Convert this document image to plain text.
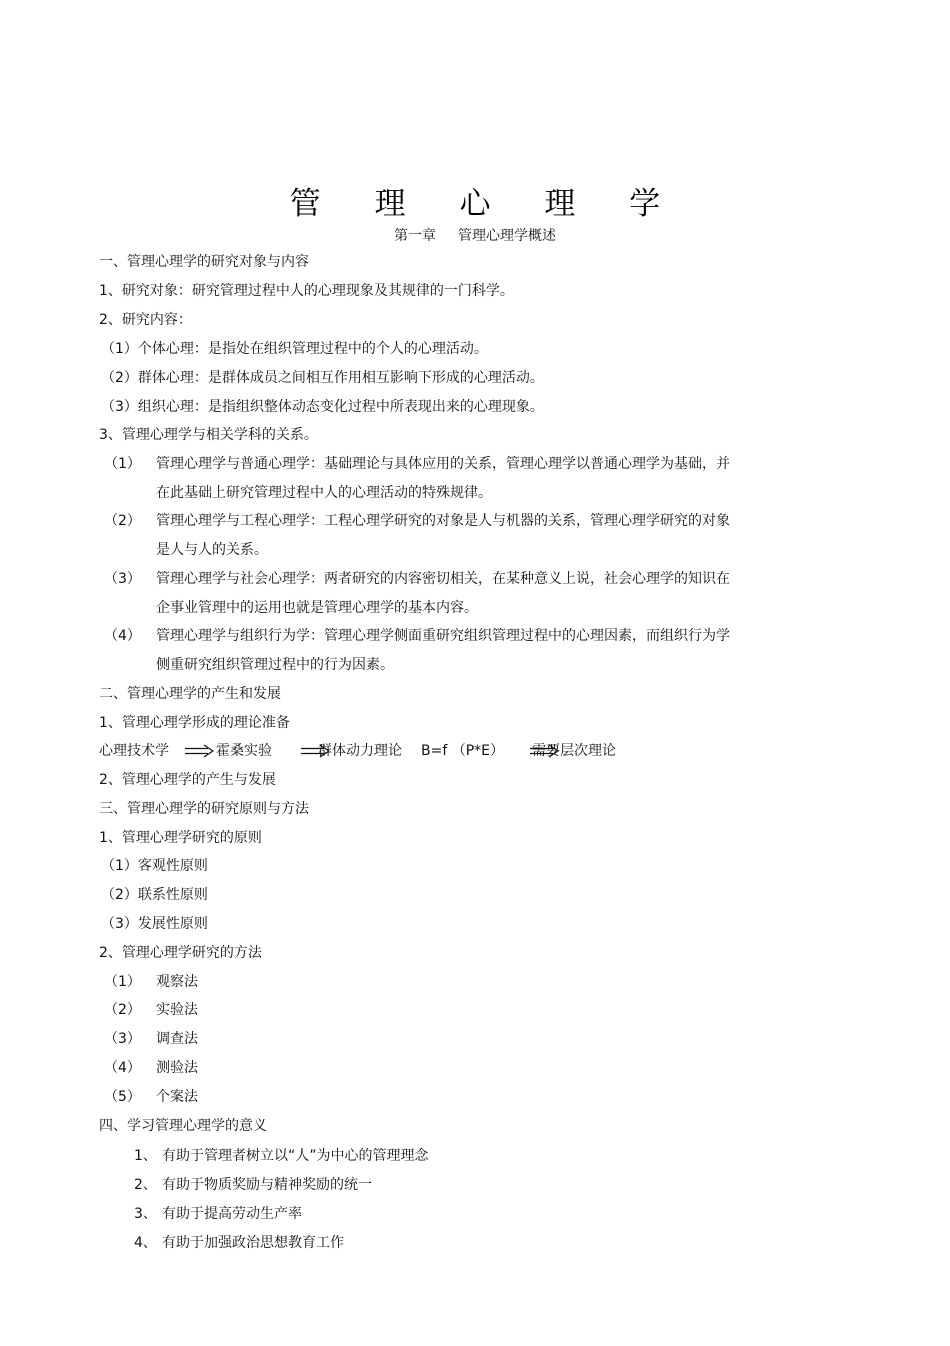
管 理 心 理 学
第一章 管理心理学概述
一、管理心理学的研究对象与内容
1、研究对象：研究管理过程中人的心理现象及其规律的一门科学。
2、研究内容：
（1）个体心理：是指处在组织管理过程中的个人的心理活动。
（2）群体心理：是群体成员之间相互作用相互影响下形成的心理活动。
（3）组织心理：是指组织整体动态变化过程中所表现出来的心理现象。
3、管理心理学与相关学科的关系。
（1） 管理心理学与普通心理学：基础理论与具体应用的关系，管理心理学以普通心理学为基础，并
在此基础上研究管理过程中人的心理活动的特殊规律。
（2） 管理心理学与工程心理学：工程心理学研究的对象是人与机器的关系，管理心理学研究的对象
是人与人的关系。
（3） 管理心理学与社会心理学：两者研究的内容密切相关，在某种意义上说，社会心理学的知识在
企事业管理中的运用也就是管理心理学的基本内容。
（4） 管理心理学与组织行为学：管理心理学侧面重研究组织管理过程中的心理因素，而组织行为学
侧重研究组织管理过程中的行为因素。
二、管理心理学的产生和发展
1、管理心理学形成的理论准备
心理技术学	霍桑实验	群体动力理论 B=f （P*E） 需要层次理论
2、管理心理学的产生与发展
三、管理心理学的研究原则与方法
1、管理心理学研究的原则
（1）客观性原则
（2）联系性原则
（3）发展性原则
2、管理心理学研究的方法
（1） 观察法
（2） 实验法
（3） 调查法
（4） 测验法
（5） 个案法
四、学习管理心理学的意义
1、 有助于管理者树立以“人”为中心的管理理念
2、 有助于物质奖励与精神奖励的统一
3、 有助于提高劳动生产率
4、 有助于加强政治思想教育工作
